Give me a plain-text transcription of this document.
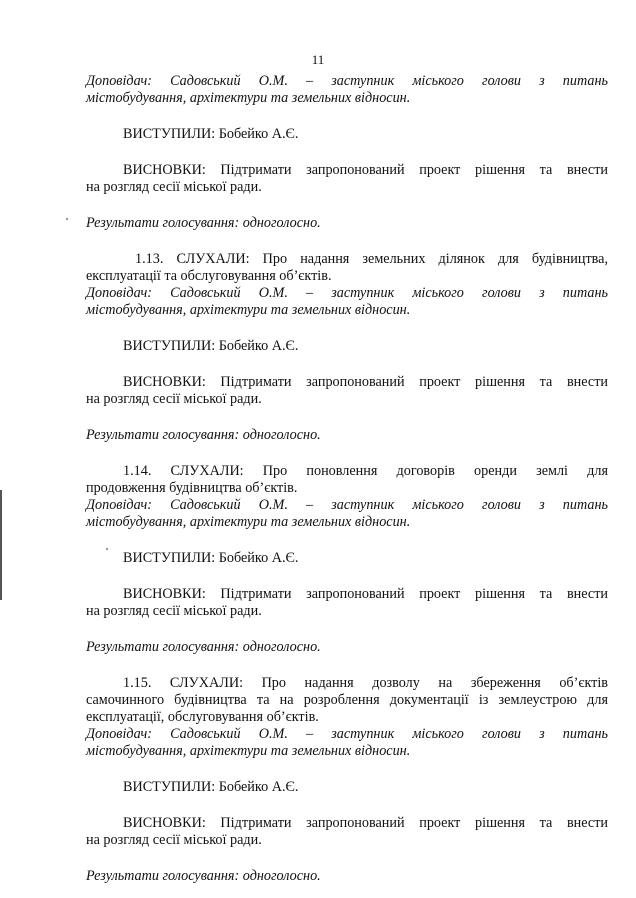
11

Доповідач: Садовський О.М. – заступник міського голови з питань

містобудування, архітектури та земельних відносин.

ВИСТУПИЛИ: Бобейко А.Є.

ВИСНОВКИ: Підтримати запропонований проект рішення та внести

на розгляд сесії міської ради.

Результати голосування: одноголосно.

1.13. СЛУХАЛИ: Про надання земельних ділянок для будівництва,

експлуатації та обслуговування об’єктів.

Доповідач: Садовський О.М. – заступник міського голови з питань

містобудування, архітектури та земельних відносин.

ВИСТУПИЛИ: Бобейко А.Є.

ВИСНОВКИ: Підтримати запропонований проект рішення та внести

на розгляд сесії міської ради.

Результати голосування: одноголосно.

1.14. СЛУХАЛИ: Про поновлення договорів оренди землі для

продовження будівництва об’єктів.

Доповідач: Садовський О.М. – заступник міського голови з питань

містобудування, архітектури та земельних відносин.

ВИСТУПИЛИ: Бобейко А.Є.

ВИСНОВКИ: Підтримати запропонований проект рішення та внести

на розгляд сесії міської ради.

Результати голосування: одноголосно.

1.15. СЛУХАЛИ: Про надання дозволу на збереження об’єктів

самочинного будівництва та на розроблення документації із землеустрою для

експлуатації, обслуговування об’єктів.

Доповідач: Садовський О.М. – заступник міського голови з питань

містобудування, архітектури та земельних відносин.

ВИСТУПИЛИ: Бобейко А.Є.

ВИСНОВКИ: Підтримати запропонований проект рішення та внести

на розгляд сесії міської ради.

Результати голосування: одноголосно.
